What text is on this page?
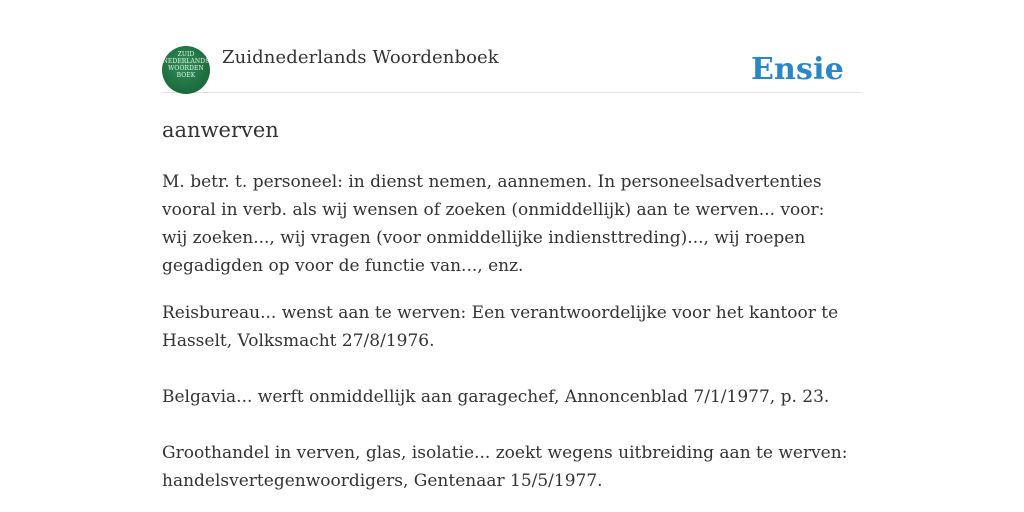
ZUID
NEDERLANDS
WOORDEN
BOEK
Zuidnederlands Woordenboek	Ensie
aanwerven

M. betr. t. personeel: in dienst nemen, aannemen. In personeelsadvertenties vooral in verb. als wij wensen of zoeken (onmiddellijk) aan te werven... voor: wij zoeken..., wij vragen (voor onmiddellijke indiensttreding)..., wij roepen gegadigden op voor de functie van..., enz.

Reisbureau... wenst aan te werven: Een verantwoordelijke voor het kantoor te Hasselt, Volksmacht 27/8/1976.

Belgavia... werft onmiddellijk aan garagechef, Annoncenblad 7/1/1977, p. 23.

Groothandel in verven, glas, isolatie... zoekt wegens uitbreiding aan te werven: handelsvertegenwoordigers, Gentenaar 15/5/1977.
